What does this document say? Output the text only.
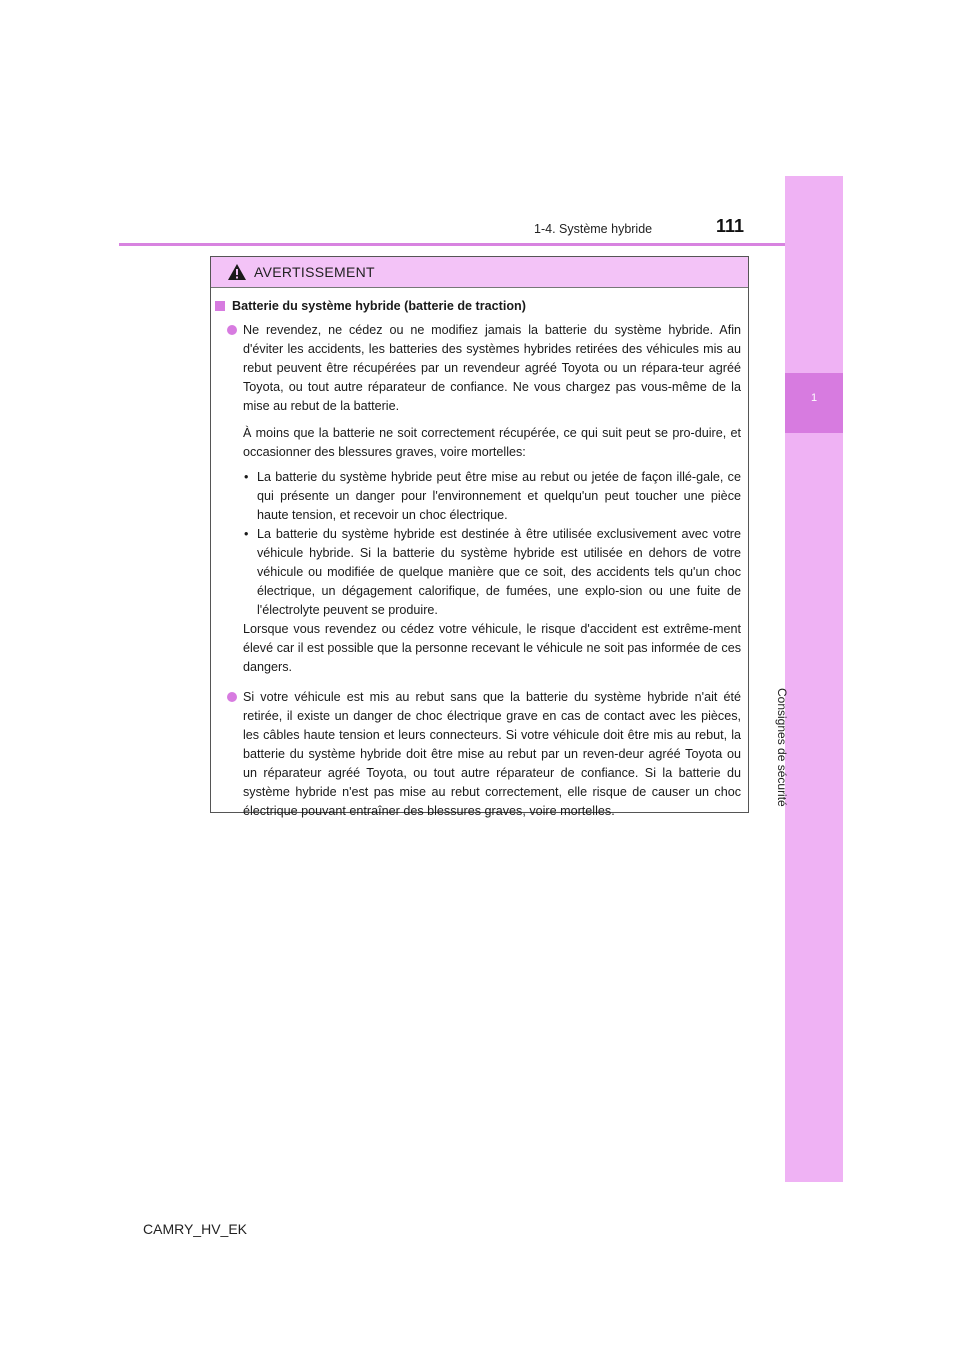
1
Consignes de sécurité
1-4. Système hybride	111
AVERTISSEMENT
Batterie du système hybride (batterie de traction)
Ne revendez, ne cédez ou ne modifiez jamais la batterie du système hybride. Afin d'éviter les accidents, les batteries des systèmes hybrides retirées des véhicules mis au rebut peuvent être récupérées par un revendeur agréé Toyota ou un répara-teur agréé Toyota, ou tout autre réparateur de confiance. Ne vous chargez pas vous-même de la mise au rebut de la batterie.
À moins que la batterie ne soit correctement récupérée, ce qui suit peut se pro-duire, et occasionner des blessures graves, voire mortelles:
• La batterie du système hybride peut être mise au rebut ou jetée de façon illé-gale, ce qui présente un danger pour l'environnement et quelqu'un peut toucher une pièce haute tension, et recevoir un choc électrique.
• La batterie du système hybride est destinée à être utilisée exclusivement avec votre véhicule hybride. Si la batterie du système hybride est utilisée en dehors de votre véhicule ou modifiée de quelque manière que ce soit, des accidents tels qu'un choc électrique, un dégagement calorifique, de fumées, une explo-sion ou une fuite de l'électrolyte peuvent se produire.
Lorsque vous revendez ou cédez votre véhicule, le risque d'accident est extrême-ment élevé car il est possible que la personne recevant le véhicule ne soit pas informée de ces dangers.
Si votre véhicule est mis au rebut sans que la batterie du système hybride n'ait été retirée, il existe un danger de choc électrique grave en cas de contact avec les pièces, les câbles haute tension et leurs connecteurs. Si votre véhicule doit être mis au rebut, la batterie du système hybride doit être mise au rebut par un reven-deur agréé Toyota ou un réparateur agréé Toyota, ou tout autre réparateur de confiance. Si la batterie du système hybride n'est pas mise au rebut correctement, elle risque de causer un choc électrique pouvant entraîner des blessures graves, voire mortelles.
CAMRY_HV_EK
